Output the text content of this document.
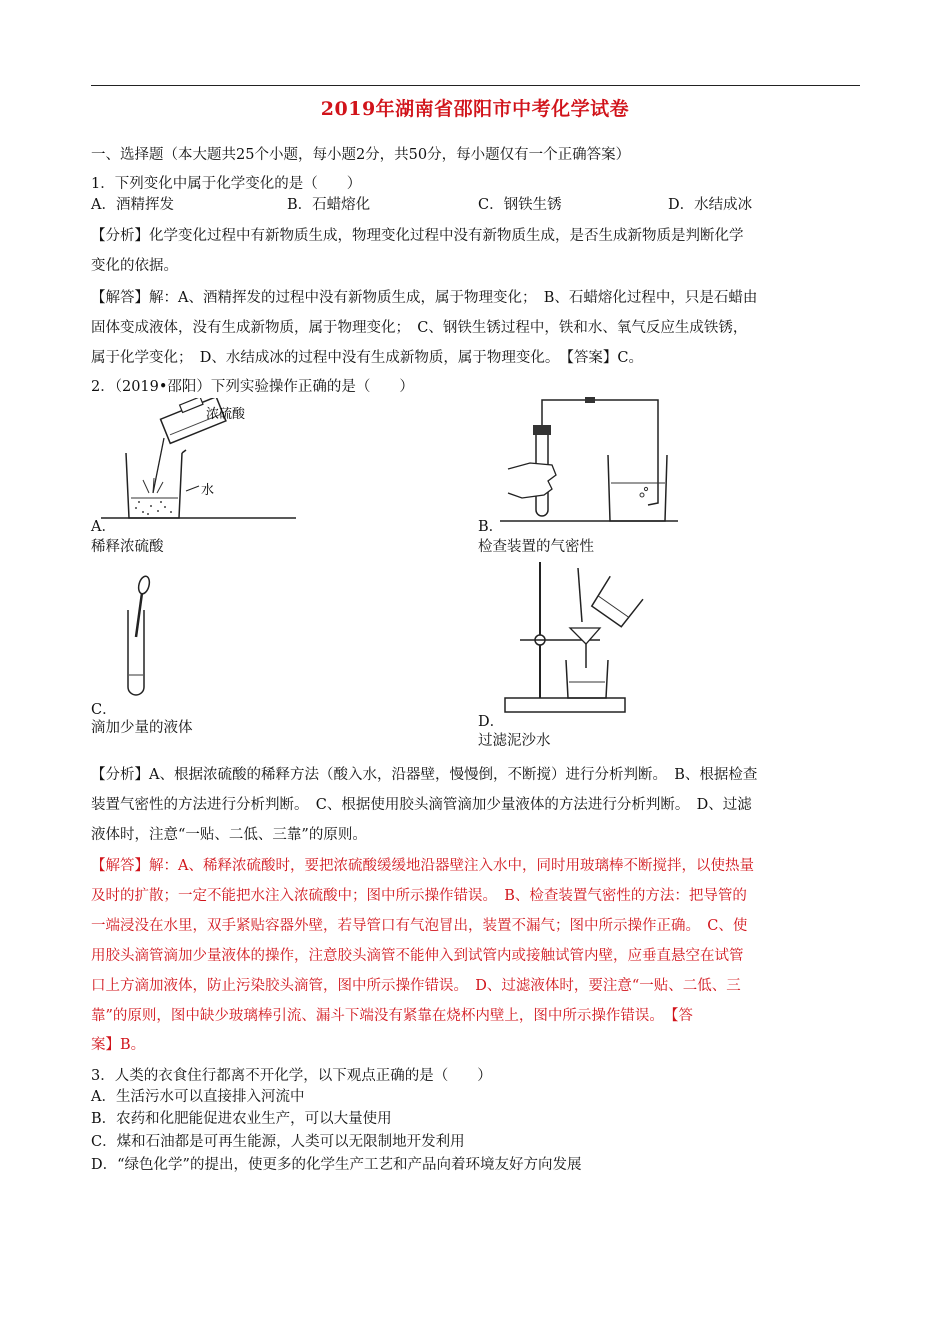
2019年湖南省邵阳市中考化学试卷
一、选择题（本大题共25个小题，每小题2分，共50分，每小题仅有一个正确答案）
1．下列变化中属于化学变化的是（　　）
A．酒精挥发	B．石蜡熔化	C．钢铁生锈	D．水结成冰
【分析】化学变化过程中有新物质生成，物理变化过程中没有新物质生成，是否生成新物质是判断化学
变化的依据。
【解答】解：A、酒精挥发的过程中没有新物质生成，属于物理变化；　B、石蜡熔化过程中，只是石蜡由
固体变成液体，没有生成新物质，属于物理变化；　C、钢铁生锈过程中，铁和水、氧气反应生成铁锈，
属于化学变化；　D、水结成冰的过程中没有生成新物质，属于物理变化。　【答案】C。
2．（2019•邵阳）下列实验操作正确的是（　　）
浓硫酸
水
A．
稀释浓硫酸
B．
检查装置的气密性
C．
滴加少量的液体	D．
过滤泥沙水
【分析】A、根据浓硫酸的稀释方法（酸入水，沿器壁，慢慢倒，不断搅）进行分析判断。　B、根据检查
装置气密性的方法进行分析判断。　C、根据使用胶头滴管滴加少量液体的方法进行分析判断。　D、过滤
液体时，注意“一贴、二低、三靠”的原则。
【解答】解：A、稀释浓硫酸时，要把浓硫酸缓缓地沿器壁注入水中，同时用玻璃棒不断搅拌，以使热量
及时的扩散；一定不能把水注入浓硫酸中；图中所示操作错误。　B、检查装置气密性的方法：把导管的
一端浸没在水里，双手紧贴容器外壁，若导管口有气泡冒出，装置不漏气；图中所示操作正确。　C、使
用胶头滴管滴加少量液体的操作，注意胶头滴管不能伸入到试管内或接触试管内壁，应垂直悬空在试管
口上方滴加液体，防止污染胶头滴管，图中所示操作错误。　D、过滤液体时，要注意“一贴、二低、三
靠”的原则，图中缺少玻璃棒引流、漏斗下端没有紧靠在烧杯内壁上，图中所示操作错误。　【答
案】B。
3．人类的衣食住行都离不开化学，以下观点正确的是（　　）
A．生活污水可以直接排入河流中
B．农药和化肥能促进农业生产，可以大量使用
C．煤和石油都是可再生能源，人类可以无限制地开发利用
D．“绿色化学”的提出，使更多的化学生产工艺和产品向着环境友好方向发展
